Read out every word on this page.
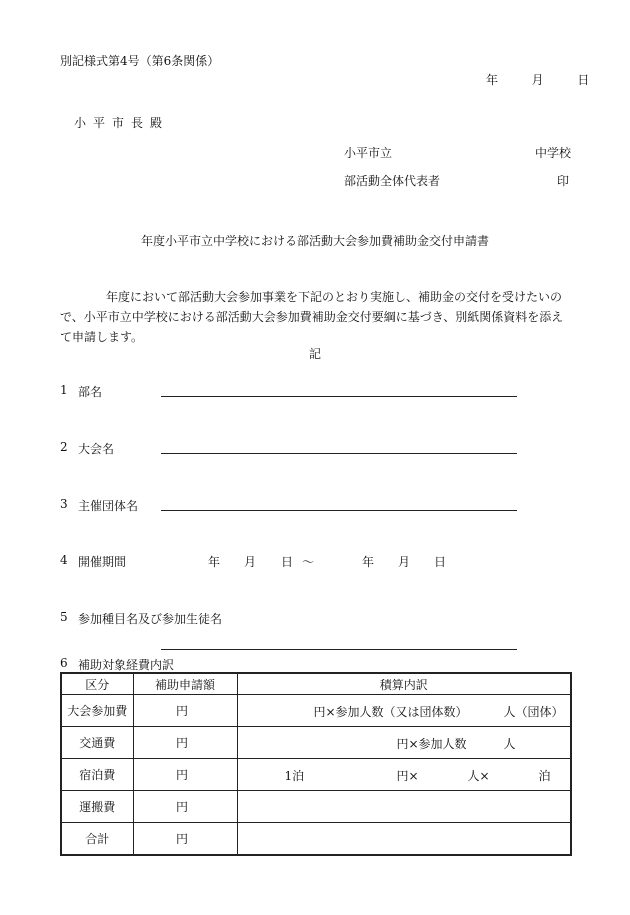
別記様式第4号（第6条関係）
年	月	日
小平市長殿
小平市立	中学校
部活動全体代表者	印
年度小平市立中学校における部活動大会参加費補助金交付申請書
年度において部活動大会参加事業を下記のとおり実施し、補助金の交付を受けたいので、小平市立中学校における部活動大会参加費補助金交付要綱に基づき、別紙関係資料を添えて申請します。
記
1 部名
2 大会名
3 主催団体名
4 開催期間	年 月 日 ～	年 月 日
5 参加種目名及び参加生徒名
6 補助対象経費内訳
区分	補助申請額	積算内訳
大会参加費	円	円×参加人数（又は団体数） 人（団体）

交通費	円	円×参加人数 人

宿泊費	円	1泊 円× 人× 泊

運搬費	円	
合計	円	
